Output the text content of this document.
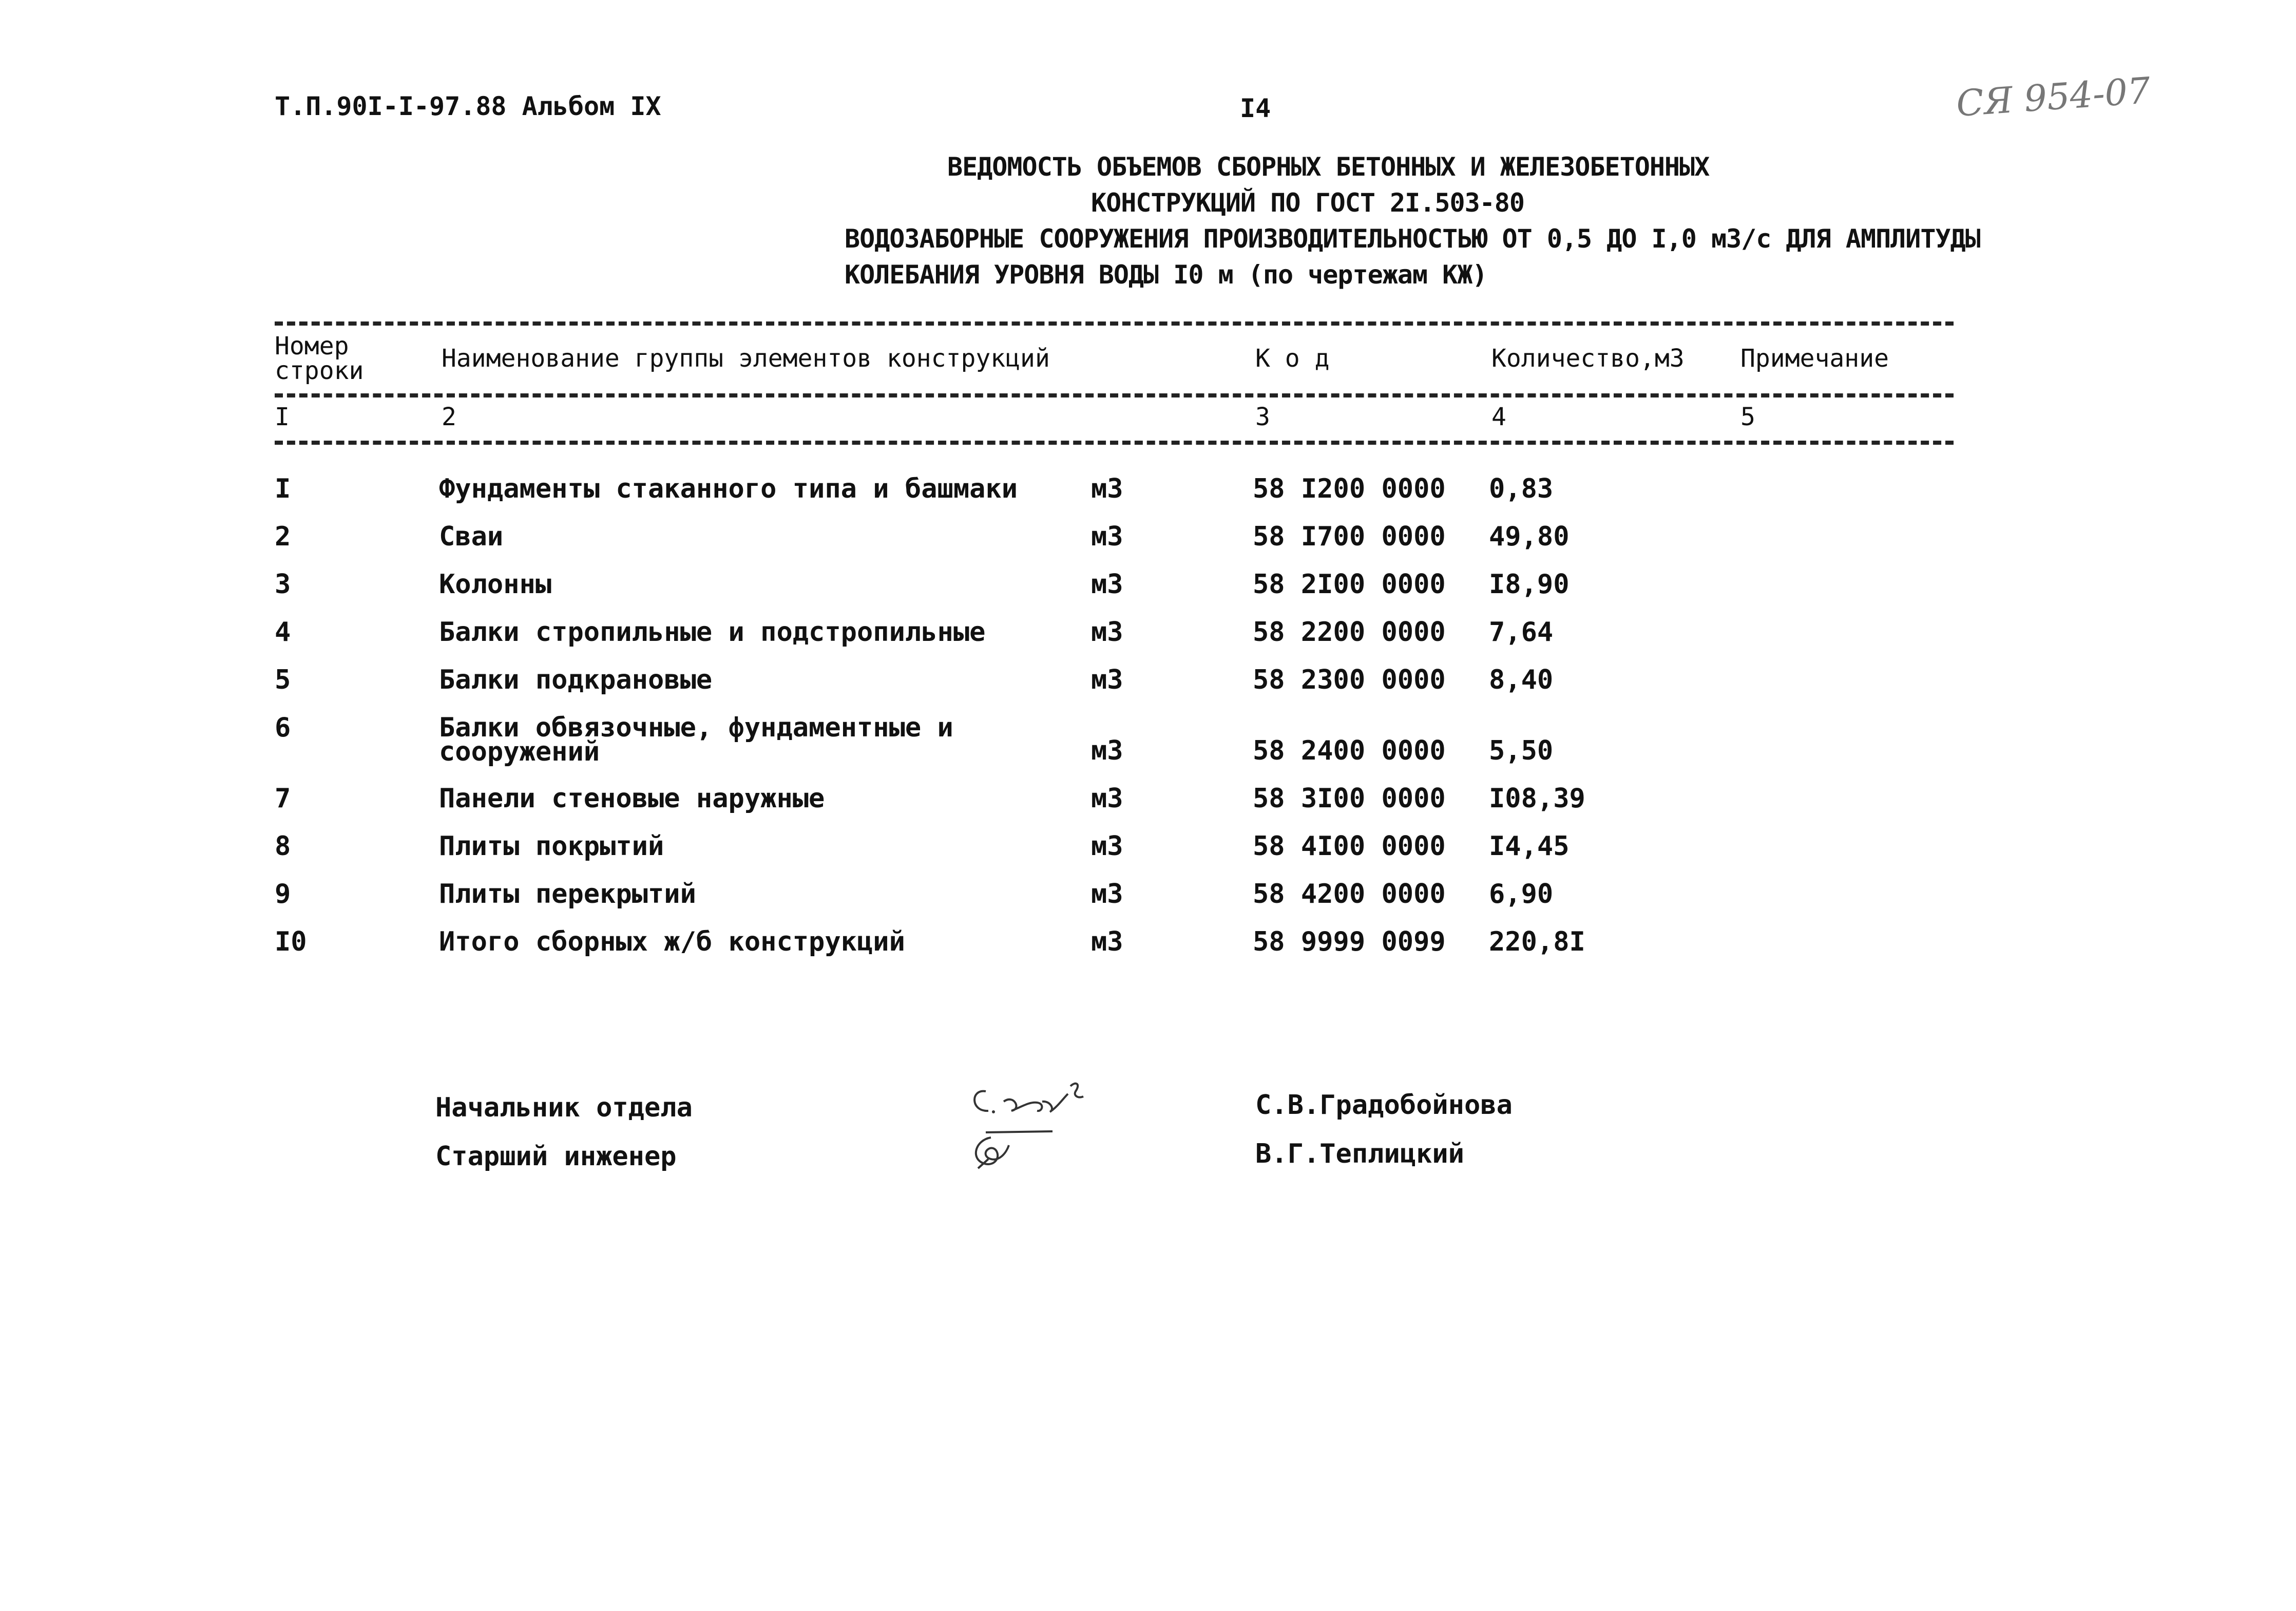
Т.П.90I-I-97.88 Альбом IX	I4	СЯ 954-07
ВЕДОМОСТЬ ОБЪЕМОВ СБОРНЫХ БЕТОННЫХ И ЖЕЛЕЗОБЕТОННЫХ
КОНСТРУКЦИЙ ПО ГОСТ 2I.503-80
ВОДОЗАБОРНЫЕ СООРУЖЕНИЯ ПРОИЗВОДИТЕЛЬНОСТЬЮ ОТ 0,5 ДО I,0 м3/с ДЛЯ АМПЛИТУДЫ
КОЛЕБАНИЯ УРОВНЯ ВОДЫ I0 м (по чертежам КЖ)
Номер
строки	Наименование группы элементов конструкций	К о д	Количество,м3 Примечание
I	2	3	4	5
I	Фундаменты стаканного типа и башмаки	м3	58 I200 0000 0,83
2	Сваи	м3	58 I700 0000 49,80
3	Колонны	м3	58 2I00 0000 I8,90
4	Балки стропильные и подстропильные	м3	58 2200 0000 7,64
5	Балки подкрановые	м3	58 2300 0000 8,40
6	Балки обвязочные, фундаментные и
сооружений	м3	58 2400 0000 5,50
7	Панели стеновые наружные	м3	58 3I00 0000 I08,39
8	Плиты покрытий	м3	58 4I00 0000 I4,45
9	Плиты перекрытий	м3	58 4200 0000 6,90
I0	Итого сборных ж/б конструкций	м3	58 9999 0099 220,8I
Начальник отдела	С.В.Градобойнова
Старший инженер	В.Г.Теплицкий
